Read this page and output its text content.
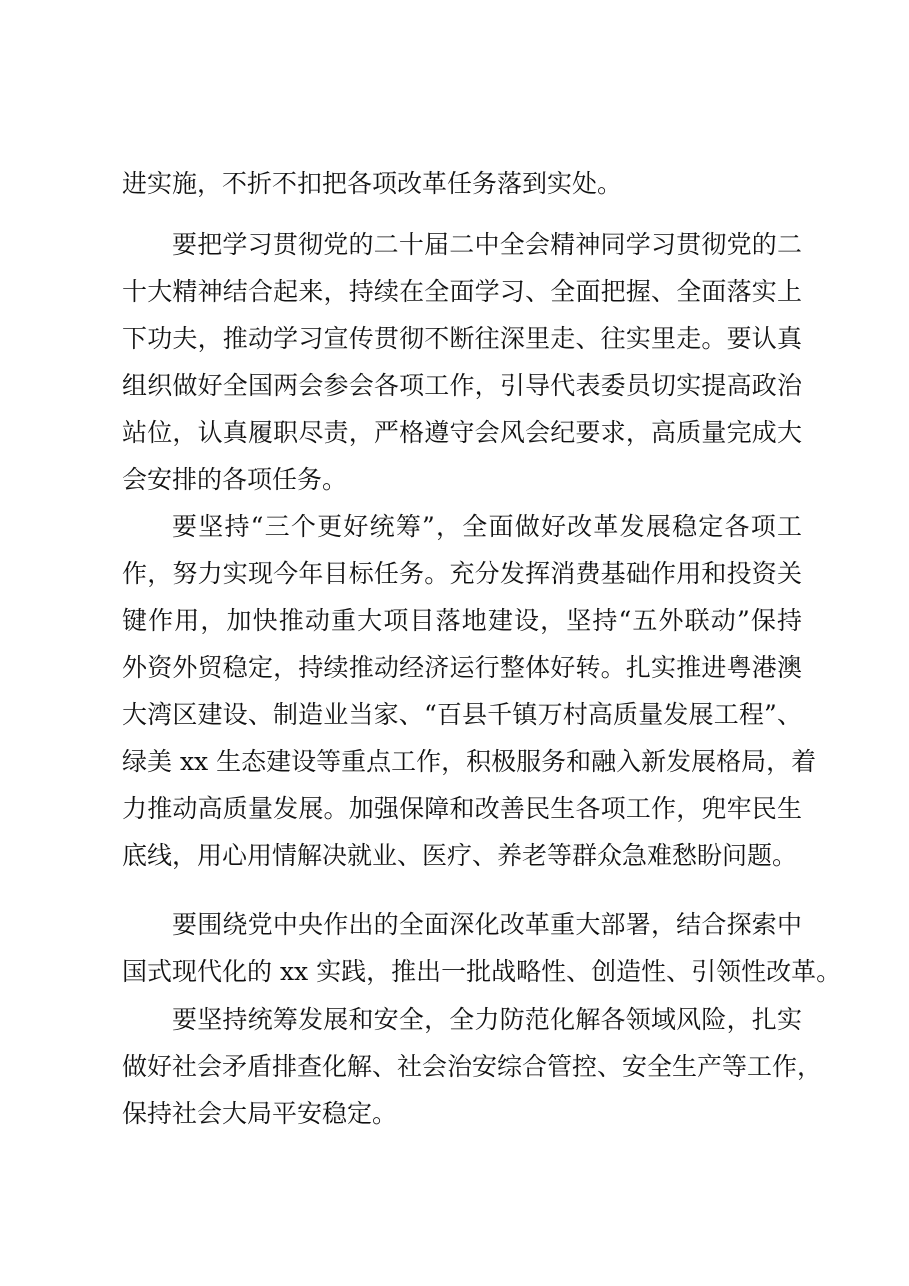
进实施，不折不扣把各项改革任务落到实处。
要把学习贯彻党的二十届二中全会精神同学习贯彻党的二
十大精神结合起来，持续在全面学习、全面把握、全面落实上
下功夫，推动学习宣传贯彻不断往深里走、往实里走。要认真
组织做好全国两会参会各项工作，引导代表委员切实提高政治
站位，认真履职尽责，严格遵守会风会纪要求，高质量完成大
会安排的各项任务。
要坚持“三个更好统筹”，全面做好改革发展稳定各项工
作，努力实现今年目标任务。充分发挥消费基础作用和投资关
键作用，加快推动重大项目落地建设，坚持“五外联动”保持
外资外贸稳定，持续推动经济运行整体好转。扎实推进粤港澳
大湾区建设、制造业当家、“百县千镇万村高质量发展工程”、
绿美 xx 生态建设等重点工作，积极服务和融入新发展格局，着
力推动高质量发展。加强保障和改善民生各项工作，兜牢民生
底线，用心用情解决就业、医疗、养老等群众急难愁盼问题。
要围绕党中央作出的全面深化改革重大部署，结合探索中
国式现代化的 xx 实践，推出一批战略性、创造性、引领性改革。
要坚持统筹发展和安全，全力防范化解各领域风险，扎实
做好社会矛盾排查化解、社会治安综合管控、安全生产等工作，
保持社会大局平安稳定。
